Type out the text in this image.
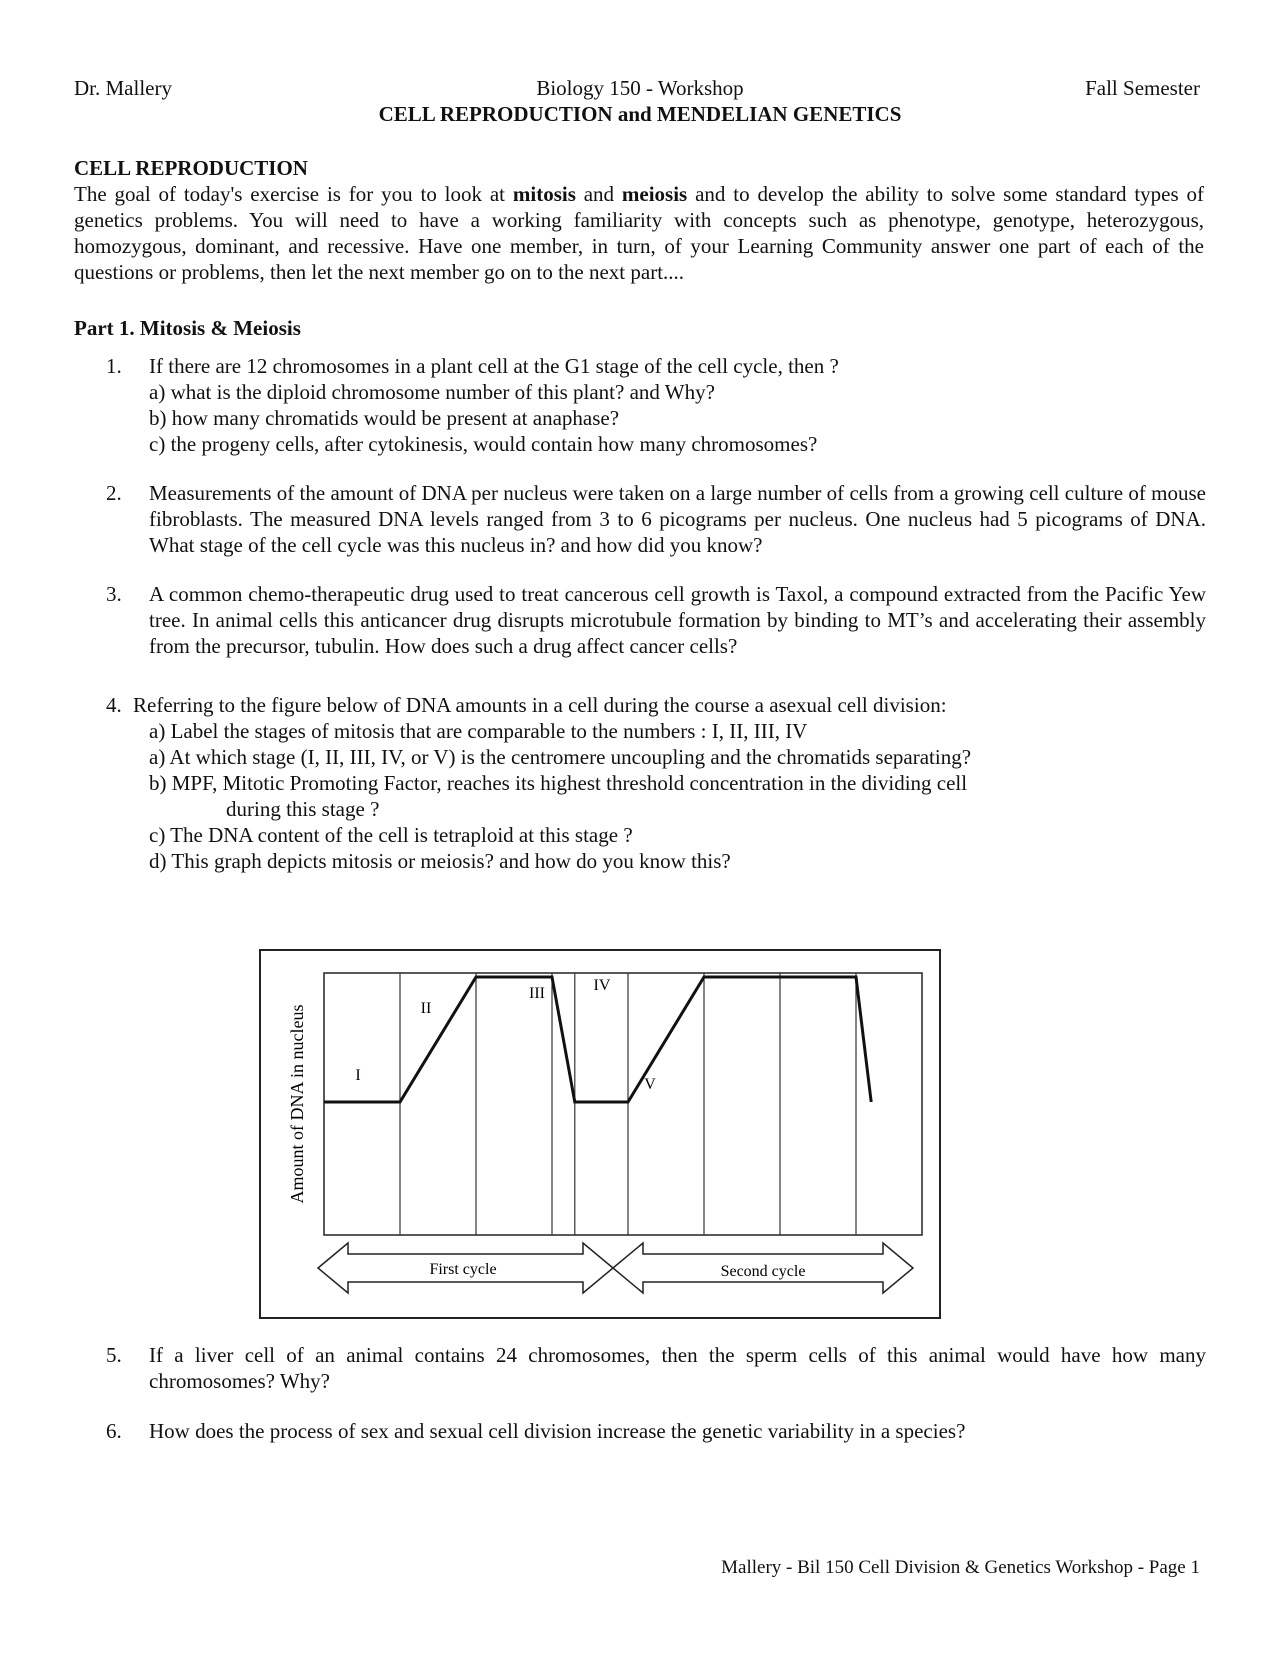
Dr. Mallery	Biology 150 - Workshop	Fall Semester
CELL REPRODUCTION and MENDELIAN GENETICS
CELL REPRODUCTION
The goal of today's exercise is for you to look at mitosis and meiosis and to develop the ability to solve some standard types of genetics problems. You will need to have a working familiarity with concepts such as phenotype, genotype, heterozygous, homozygous, dominant, and recessive. Have one member, in turn, of your Learning Community answer one part of each of the questions or problems, then let the next member go on to the next part....
Part 1. Mitosis & Meiosis
1. If there are 12 chromosomes in a plant cell at the G1 stage of the cell cycle, then ?
a) what is the diploid chromosome number of this plant? and Why?
b) how many chromatids would be present at anaphase?
c) the progeny cells, after cytokinesis, would contain how many chromosomes?
2. Measurements of the amount of DNA per nucleus were taken on a large number of cells from a growing cell culture of mouse fibroblasts. The measured DNA levels ranged from 3 to 6 picograms per nucleus. One nucleus had 5 picograms of DNA. What stage of the cell cycle was this nucleus in? and how did you know?
3. A common chemo-therapeutic drug used to treat cancerous cell growth is Taxol, a compound extracted from the Pacific Yew tree. In animal cells this anticancer drug disrupts microtubule formation by binding to MT’s and accelerating their assembly from the precursor, tubulin. How does such a drug affect cancer cells?
4. Referring to the figure below of DNA amounts in a cell during the course a asexual cell division:
a) Label the stages of mitosis that are comparable to the numbers : I, II, III, IV
a) At which stage (I, II, III, IV, or V) is the centromere uncoupling and the chromatids separating?
b) MPF, Mitotic Promoting Factor, reaches its highest threshold concentration in the dividing cell
during this stage ?
c) The DNA content of the cell is tetraploid at this stage ?
d) This graph depicts mitosis or meiosis? and how do you know this?
Amount of DNA in nucleus	I
II
III	IV
V
First cycle	Second cycle
5. If a liver cell of an animal contains 24 chromosomes, then the sperm cells of this animal would have how many chromosomes? Why?
6. How does the process of sex and sexual cell division increase the genetic variability in a species?
Mallery - Bil 150 Cell Division & Genetics Workshop - Page 1
